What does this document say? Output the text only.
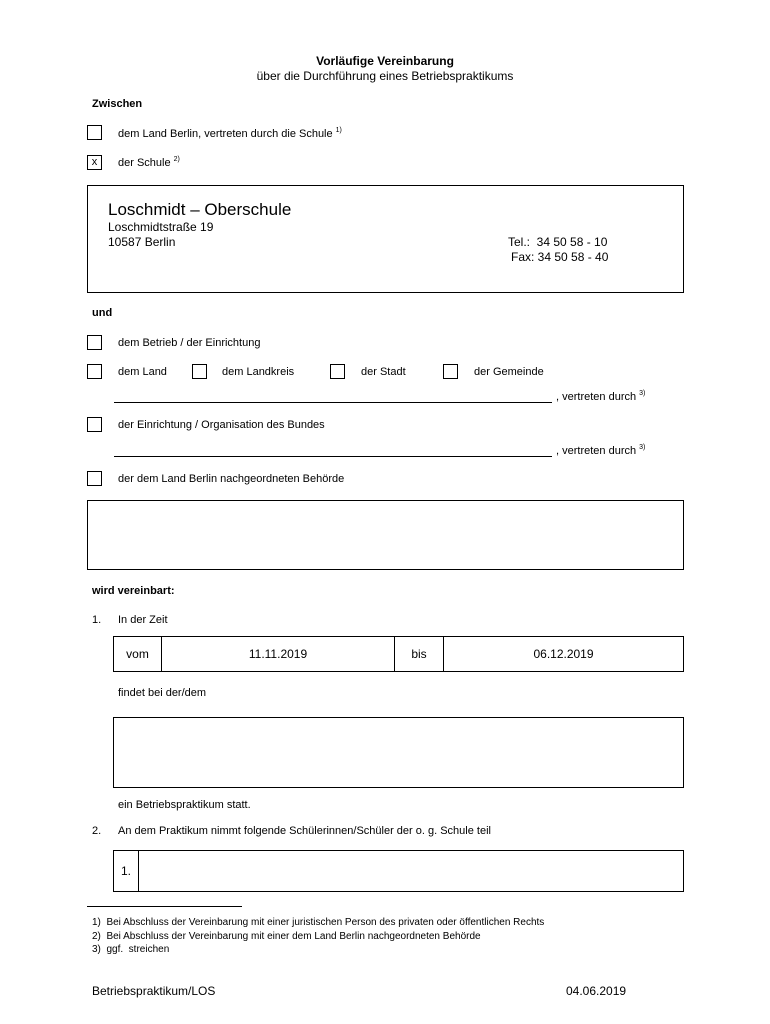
Vorläufige Vereinbarung
über die Durchführung eines Betriebspraktikums
Zwischen
dem Land Berlin, vertreten durch die Schule $^{1)}$
x	der Schule $^{2)}$
Loschmidt – Oberschule
Loschmidtstraße 19
10587 Berlin	Tel.:  34 50 58 - 10
Fax: 34 50 58 - 40
und
dem Betrieb / der Einrichtung
dem Land	dem Landkreis	der Stadt	der Gemeinde
, vertreten durch $^{3)}$
der Einrichtung / Organisation des Bundes
, vertreten durch $^{3)}$
der dem Land Berlin nachgeordneten Behörde
wird vereinbart:
1. In der Zeit
vom	11.11.2019	bis	06.12.2019
findet bei der/dem
ein Betriebspraktikum statt.
2. An dem Praktikum nimmt folgende Schülerinnen/Schüler der o. g. Schule teil
1.
1)  Bei Abschluss der Vereinbarung mit einer juristischen Person des privaten oder öffentlichen Rechts
2)  Bei Abschluss der Vereinbarung mit einer dem Land Berlin nachgeordneten Behörde
3)  ggf.  streichen
Betriebspraktikum/LOS	04.06.2019
